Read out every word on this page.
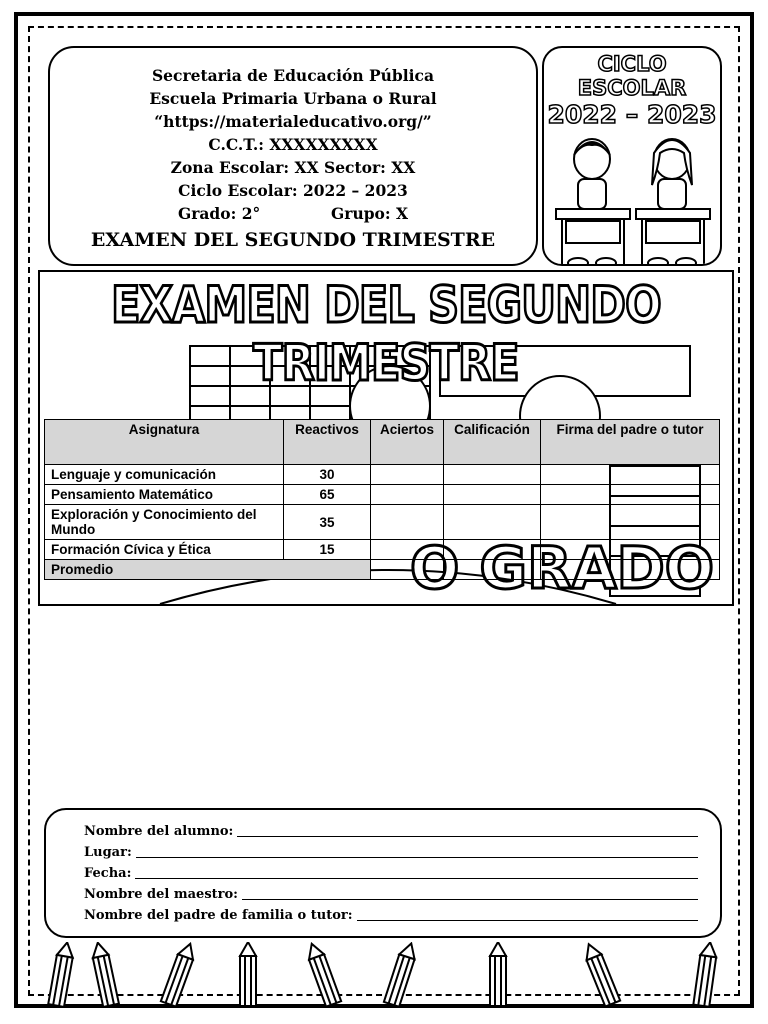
Secretaria de Educación Pública
Escuela Primaria Urbana o Rural
“https://materialeducativo.org/”
C.C.T.: XXXXXXXXX
Zona Escolar: XX Sector: XX
Ciclo Escolar: 2022 – 2023
Grado: 2°	Grupo: X
EXAMEN DEL SEGUNDO TRIMESTRE
CICLO ESCOLAR
2022 – 2023
EXAMEN DEL SEGUNDO TRIMESTRE
O GRADO
Asignatura	Reactivos	Aciertos	Calificación	Firma del padre o tutor
Lenguaje y comunicación	30			
Pensamiento Matemático	65			
Exploración y Conocimiento del Mundo	35			
Formación Cívica y Ética	15			
Promedio				
Nombre del alumno:
Lugar:
Fecha:
Nombre del maestro:
Nombre del padre de familia o tutor:
